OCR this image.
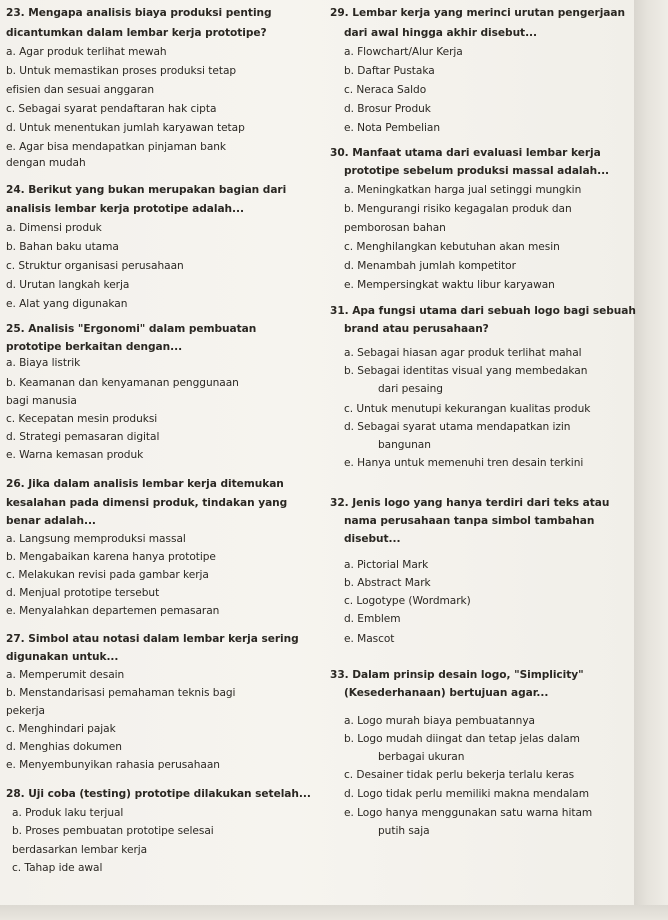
23. Mengapa analisis biaya produksi penting
dicantumkan dalam lembar kerja prototipe?
a. Agar produk terlihat mewah
b. Untuk memastikan proses produksi tetap
efisien dan sesuai anggaran
c. Sebagai syarat pendaftaran hak cipta
d. Untuk menentukan jumlah karyawan tetap
e. Agar bisa mendapatkan pinjaman bank
dengan mudah
24. Berikut yang bukan merupakan bagian dari
analisis lembar kerja prototipe adalah...
a. Dimensi produk
b. Bahan baku utama
c. Struktur organisasi perusahaan
d. Urutan langkah kerja
e. Alat yang digunakan
25. Analisis "Ergonomi" dalam pembuatan
prototipe berkaitan dengan...
a. Biaya listrik
b. Keamanan dan kenyamanan penggunaan
bagi manusia
c. Kecepatan mesin produksi
d. Strategi pemasaran digital
e. Warna kemasan produk
26. Jika dalam analisis lembar kerja ditemukan
kesalahan pada dimensi produk, tindakan yang
benar adalah...
a. Langsung memproduksi massal
b. Mengabaikan karena hanya prototipe
c. Melakukan revisi pada gambar kerja
d. Menjual prototipe tersebut
e. Menyalahkan departemen pemasaran
27. Simbol atau notasi dalam lembar kerja sering
digunakan untuk...
a. Memperumit desain
b. Menstandarisasi pemahaman teknis bagi
pekerja
c. Menghindari pajak
d. Menghias dokumen
e. Menyembunyikan rahasia perusahaan
28. Uji coba (testing) prototipe dilakukan setelah...
a. Produk laku terjual
b. Proses pembuatan prototipe selesai
berdasarkan lembar kerja
c. Tahap ide awal
29. Lembar kerja yang merinci urutan pengerjaan
dari awal hingga akhir disebut...
a. Flowchart/Alur Kerja
b. Daftar Pustaka
c. Neraca Saldo
d. Brosur Produk
e. Nota Pembelian
30. Manfaat utama dari evaluasi lembar kerja
prototipe sebelum produksi massal adalah...
a. Meningkatkan harga jual setinggi mungkin
b. Mengurangi risiko kegagalan produk dan
pemborosan bahan
c. Menghilangkan kebutuhan akan mesin
d. Menambah jumlah kompetitor
e. Mempersingkat waktu libur karyawan
31. Apa fungsi utama dari sebuah logo bagi sebuah
brand atau perusahaan?
a. Sebagai hiasan agar produk terlihat mahal
b. Sebagai identitas visual yang membedakan
dari pesaing
c. Untuk menutupi kekurangan kualitas produk
d. Sebagai syarat utama mendapatkan izin
bangunan
e. Hanya untuk memenuhi tren desain terkini
32. Jenis logo yang hanya terdiri dari teks atau
nama perusahaan tanpa simbol tambahan
disebut...
a. Pictorial Mark
b. Abstract Mark
c. Logotype (Wordmark)
d. Emblem
e. Mascot
33. Dalam prinsip desain logo, "Simplicity"
(Kesederhanaan) bertujuan agar...
a. Logo murah biaya pembuatannya
b. Logo mudah diingat dan tetap jelas dalam
berbagai ukuran
c. Desainer tidak perlu bekerja terlalu keras
d. Logo tidak perlu memiliki makna mendalam
e. Logo hanya menggunakan satu warna hitam
putih saja
